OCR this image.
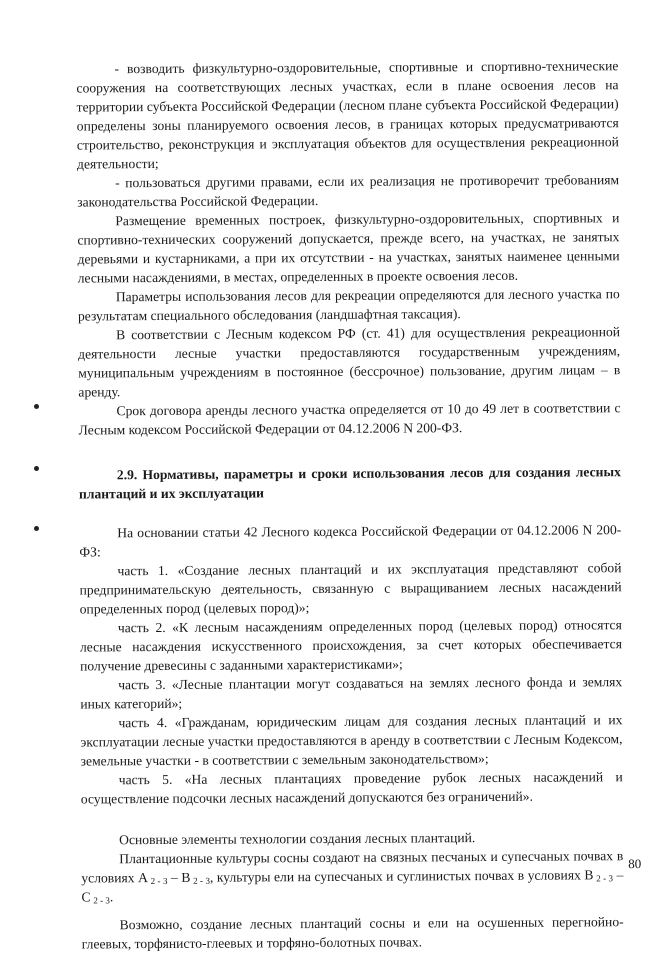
- возводить физкультурно-оздоровительные, спортивные и спортивно-технические сооружения на соответствующих лесных участках, если в плане освоения лесов на территории субъекта Российской Федерации (лесном плане субъекта Российской Федерации) определены зоны планируемого освоения лесов, в границах которых предусматриваются строительство, реконструкция и эксплуатация объектов для осуществления рекреационной деятельности;

- пользоваться другими правами, если их реализация не противоречит требованиям законодательства Российской Федерации.

Размещение временных построек, физкультурно-оздоровительных, спортивных и спортивно-технических сооружений допускается, прежде всего, на участках, не занятых деревьями и кустарниками, а при их отсутствии - на участках, занятых наименее ценными лесными насаждениями, в местах, определенных в проекте освоения лесов.

Параметры использования лесов для рекреации определяются для лесного участка по результатам специального обследования (ландшафтная таксация).

В соответствии с Лесным кодексом РФ (ст. 41) для осуществления рекреационной деятельности лесные участки предоставляются государственным учреждениям, муниципальным учреждениям в постоянное (бессрочное) пользование, другим лицам – в аренду.

Срок договора аренды лесного участка определяется от 10 до 49 лет в соответствии с Лесным кодексом Российской Федерации от 04.12.2006 N 200-ФЗ.

2.9. Нормативы, параметры и сроки использования лесов для создания лесных плантаций и их эксплуатации

На основании статьи 42 Лесного кодекса Российской Федерации от 04.12.2006 N 200-ФЗ:

часть 1. «Создание лесных плантаций и их эксплуатация представляют собой предпринимательскую деятельность, связанную с выращиванием лесных насаждений определенных пород (целевых пород)»;

часть 2. «К лесным насаждениям определенных пород (целевых пород) относятся лесные насаждения искусственного происхождения, за счет которых обеспечивается получение древесины с заданными характеристиками»;

часть 3. «Лесные плантации могут создаваться на землях лесного фонда и землях иных категорий»;

часть 4. «Гражданам, юридическим лицам для создания лесных плантаций и их эксплуатации лесные участки предоставляются в аренду в соответствии с Лесным Кодексом, земельные участки - в соответствии с земельным законодательством»;

часть 5. «На лесных плантациях проведение рубок лесных насаждений и осуществление подсочки лесных насаждений допускаются без ограничений».

Основные элементы технологии создания лесных плантаций.

Плантационные культуры сосны создают на связных песчаных и супесчаных почвах в условиях А  $_{2 - 3}$ – В  $_{2 - 3}$, культуры ели на супесчаных и суглинистых почвах в условиях В  $_{2 - 3}$ – С  $_{2 - 3}$.

Возможно, создание лесных плантаций сосны и ели на осушенных перегнойно-глеевых, торфянисто-глеевых и торфяно-болотных почвах.

80
